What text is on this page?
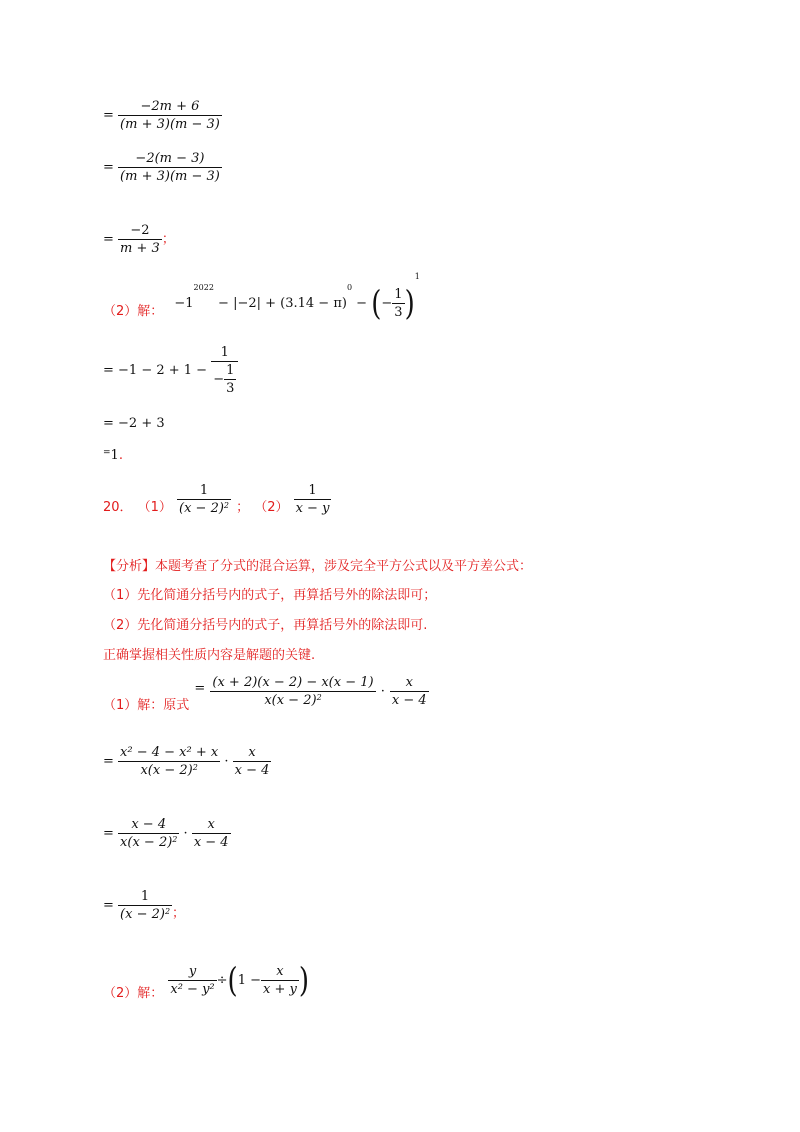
= $\frac{-2m + 6}{(m + 3)(m - 3)}$
= $\frac{-2(m - 3)}{(m + 3)(m - 3)}$
= $\frac{-2}{m + 3}$ ；
（2）解： $-1^{2022} - |-2| + (3.14 - \pi)^0$ − (− $\frac{1}{3} )^1$
= $-1 - 2 + 1 - \frac{1}{- \frac{1}{3}}$
= −2 + 3
=1.
20． $(1) \frac{1}{(x - 2)^2}$ ； $(2) \frac{1}{x - y}$
【分析】本题考查了分式的混合运算，涉及完全平方公式以及平方差公式：
（1）先化简通分括号内的式子，再算括号外的除法即可；
（2）先化简通分括号内的式子，再算括号外的除法即可.
正确掌握相关性质内容是解题的关键.
（1）解：原式 = $\frac{(x + 2)(x - 2) - x(x - 1)}{x(x - 2)^2} \cdot \frac{x}{x - 4}$
= $\frac{\text{x² − 4 − x² + x}}{x(x - 2)^2} \cdot \frac{x}{x - 4}$
= $\frac{x - 4}{x(x - 2)^2} \cdot \frac{x}{x - 4}$
= $\frac{1}{(x - 2)^2}$ ；
（2）解： $\frac{y}{\text{x² − y²}} \div(1 - \frac{x}{x + y}$ )
